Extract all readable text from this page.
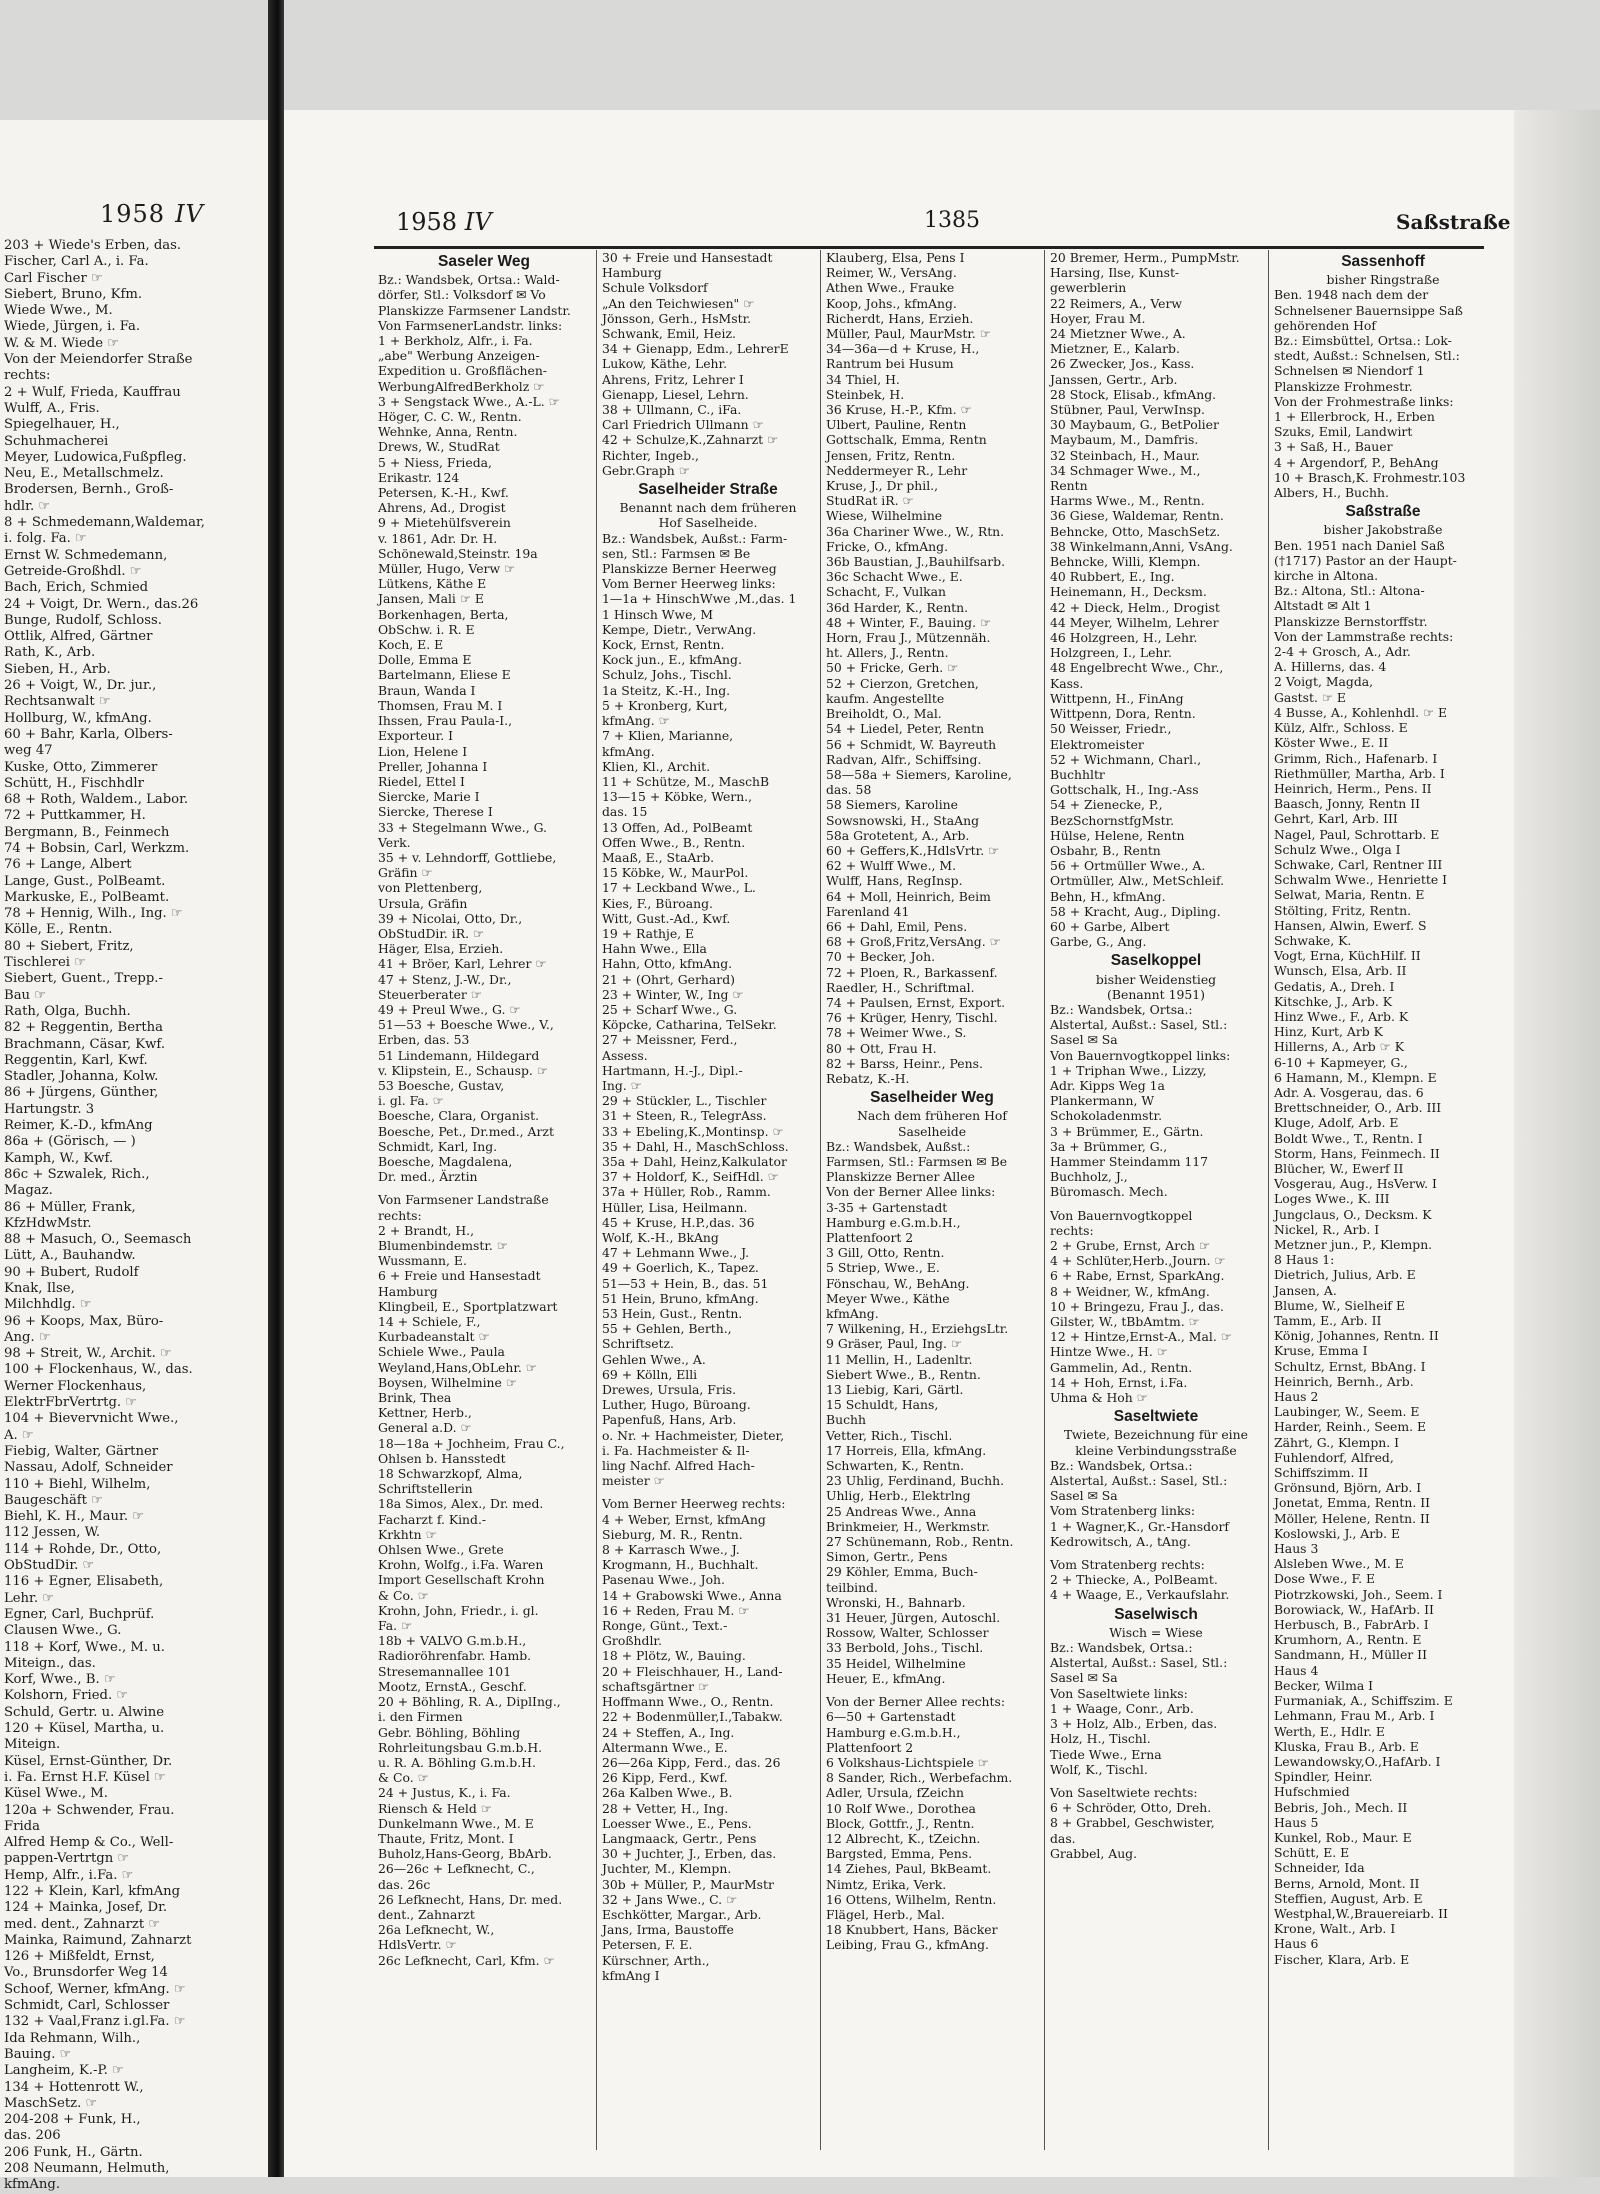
1958 IV
203 + Wiede's Erben, das.
Fischer, Carl A., i. Fa.
Carl Fischer ☞
Siebert, Bruno, Kfm.
Wiede Wwe., M.
Wiede, Jürgen, i. Fa.
W. & M. Wiede ☞
Von der Meiendorfer Straße
rechts:
2 + Wulf, Frieda, Kauffrau
Wulff, A., Fris.
Spiegelhauer, H.,
Schuhmacherei
Meyer, Ludowica,Fußpfleg.
Neu, E., Metallschmelz.
Brodersen, Bernh., Groß-
hdlr. ☞
8 + Schmedemann,Waldemar,
i. folg. Fa. ☞
Ernst W. Schmedemann,
Getreide-Großhdl. ☞
Bach, Erich, Schmied
24 + Voigt, Dr. Wern., das.26
Bunge, Rudolf, Schloss.
Ottlik, Alfred, Gärtner
Rath, K., Arb.
Sieben, H., Arb.
26 + Voigt, W., Dr. jur.,
Rechtsanwalt ☞
Hollburg, W., kfmAng.
60 + Bahr, Karla, Olbers-
weg 47
Kuske, Otto, Zimmerer
Schütt, H., Fischhdlr
68 + Roth, Waldem., Labor.
72 + Puttkammer, H.
Bergmann, B., Feinmech
74 + Bobsin, Carl, Werkzm.
76 + Lange, Albert
Lange, Gust., PolBeamt.
Markuske, E., PolBeamt.
78 + Hennig, Wilh., Ing. ☞
Kölle, E., Rentn.
80 + Siebert, Fritz,
Tischlerei ☞
Siebert, Guent., Trepp.-
Bau ☞
Rath, Olga, Buchh.
82 + Reggentin, Bertha
Brachmann, Cäsar, Kwf.
Reggentin, Karl, Kwf.
Stadler, Johanna, Kolw.
86 + Jürgens, Günther,
Hartungstr. 3
Reimer, K.-D., kfmAng
86a + (Görisch, — )
Kamph, W., Kwf.
86c + Szwalek, Rich.,
Magaz.
86 + Müller, Frank,
KfzHdwMstr.
88 + Masuch, O., Seemasch
Lütt, A., Bauhandw.
90 + Bubert, Rudolf
Knak, Ilse,
Milchhdlg. ☞
96 + Koops, Max, Büro-
Ang. ☞
98 + Streit, W., Archit. ☞
100 + Flockenhaus, W., das.
Werner Flockenhaus,
ElektrFbrVertrtg. ☞
104 + Bievervnicht Wwe.,
A. ☞
Fiebig, Walter, Gärtner
Nassau, Adolf, Schneider
110 + Biehl, Wilhelm,
Baugeschäft ☞
Biehl, K. H., Maur. ☞
112 Jessen, W.
114 + Rohde, Dr., Otto,
ObStudDir. ☞
116 + Egner, Elisabeth,
Lehr. ☞
Egner, Carl, Buchprüf.
Clausen Wwe., G.
118 + Korf, Wwe., M. u.
Miteign., das.
Korf, Wwe., B. ☞
Kolshorn, Fried. ☞
Schuld, Gertr. u. Alwine
120 + Küsel, Martha, u.
Miteign.
Küsel, Ernst-Günther, Dr.
i. Fa. Ernst H.F. Küsel ☞
Küsel Wwe., M.
120a + Schwender, Frau.
Frida
Alfred Hemp & Co., Well-
pappen-Vertrtgn ☞
Hemp, Alfr., i.Fa. ☞
122 + Klein, Karl, kfmAng
124 + Mainka, Josef, Dr.
med. dent., Zahnarzt ☞
Mainka, Raimund, Zahnarzt
126 + Mißfeldt, Ernst,
Vo., Brunsdorfer Weg 14
Schoof, Werner, kfmAng. ☞
Schmidt, Carl, Schlosser
132 + Vaal,Franz i.gl.Fa. ☞
Ida Rehmann, Wilh.,
Bauing. ☞
Langheim, K.-P. ☞
134 + Hottenrott W.,
MaschSetz. ☞
204-208 + Funk, H.,
das. 206
206 Funk, H., Gärtn.
208 Neumann, Helmuth,
kfmAng.
1958 IV	1385	Saßstraße
Saseler Weg
Bz.: Wandsbek, Ortsa.: Wald-
dörfer, Stl.: Volksdorf ✉ Vo
Planskizze Farmsener Landstr.
Von FarmsenerLandstr. links:
1 + Berkholz, Alfr., i. Fa.
„abe" Werbung Anzeigen-
Expedition u. Großflächen-
WerbungAlfredBerkholz ☞
3 + Sengstack Wwe., A.-L. ☞
Höger, C. C. W., Rentn.
Wehnke, Anna, Rentn.
Drews, W., StudRat
5 + Niess, Frieda,
Erikastr. 124
Petersen, K.-H., Kwf.
Ahrens, Ad., Drogist
9 + Mietehülfsverein
v. 1861, Adr. Dr. H.
Schönewald,Steinstr. 19a
Müller, Hugo, Verw ☞
Lütkens, Käthe E
Jansen, Mali ☞ E
Borkenhagen, Berta,
ObSchw. i. R. E
Koch, E. E
Dolle, Emma E
Bartelmann, Eliese E
Braun, Wanda I
Thomsen, Frau M. I
Ihssen, Frau Paula-I.,
Exporteur. I
Lion, Helene I
Preller, Johanna I
Riedel, Ettel I
Siercke, Marie I
Siercke, Therese I
33 + Stegelmann Wwe., G.
Verk.
35 + v. Lehndorff, Gottliebe,
Gräfin ☞
von Plettenberg,
Ursula, Gräfin
39 + Nicolai, Otto, Dr.,
ObStudDir. iR. ☞
Häger, Elsa, Erzieh.
41 + Bröer, Karl, Lehrer ☞
47 + Stenz, J.-W., Dr.,
Steuerberater ☞
49 + Preul Wwe., G. ☞
51—53 + Boesche Wwe., V.,
Erben, das. 53
51 Lindemann, Hildegard
v. Klipstein, E., Schausp. ☞
53 Boesche, Gustav,
i. gl. Fa. ☞
Boesche, Clara, Organist.
Boesche, Pet., Dr.med., Arzt
Schmidt, Karl, Ing.
Boesche, Magdalena,
Dr. med., Ärztin
Von Farmsener Landstraße
rechts:
2 + Brandt, H.,
Blumenbindemstr. ☞
Wussmann, E.
6 + Freie und Hansestadt
Hamburg
Klingbeil, E., Sportplatzwart
14 + Schiele, F.,
Kurbadeanstalt ☞
Schiele Wwe., Paula
Weyland,Hans,ObLehr. ☞
Boysen, Wilhelmine ☞
Brink, Thea
Kettner, Herb.,
General a.D. ☞
18—18a + Jochheim, Frau C.,
Ohlsen b. Hansstedt
18 Schwarzkopf, Alma,
Schriftstellerin
18a Simos, Alex., Dr. med.
Facharzt f. Kind.-
Krkhtn ☞
Ohlsen Wwe., Grete
Krohn, Wolfg., i.Fa. Waren
Import Gesellschaft Krohn
& Co. ☞
Krohn, John, Friedr., i. gl.
Fa. ☞
18b + VALVO G.m.b.H.,
Radioröhrenfabr. Hamb.
Stresemannallee 101
Mootz, ErnstA., Geschf.
20 + Böhling, R. A., DiplIng.,
i. den Firmen
Gebr. Böhling, Böhling
Rohrleitungsbau G.m.b.H.
u. R. A. Böhling G.m.b.H.
& Co. ☞
24 + Justus, K., i. Fa.
Riensch & Held ☞
Dunkelmann Wwe., M. E
Thaute, Fritz, Mont. I
Buholz,Hans-Georg, BbArb.
26—26c + Lefknecht, C.,
das. 26c
26 Lefknecht, Hans, Dr. med.
dent., Zahnarzt
26a Lefknecht, W.,
HdlsVertr. ☞
26c Lefknecht, Carl, Kfm. ☞
30 + Freie und Hansestadt
Hamburg
Schule Volksdorf
„An den Teichwiesen" ☞
Jönsson, Gerh., HsMstr.
Schwank, Emil, Heiz.
34 + Gienapp, Edm., LehrerE
Lukow, Käthe, Lehr.
Ahrens, Fritz, Lehrer I
Gienapp, Liesel, Lehrn.
38 + Ullmann, C., iFa.
Carl Friedrich Ullmann ☞
42 + Schulze,K.,Zahnarzt ☞
Richter, Ingeb.,
Gebr.Graph ☞
Saselheider Straße
Benannt nach dem früheren
Hof Saselheide.
Bz.: Wandsbek, Außst.: Farm-
sen, Stl.: Farmsen ✉ Be
Planskizze Berner Heerweg
Vom Berner Heerweg links:
1—1a + HinschWwe ,M.,das. 1
1 Hinsch Wwe, M
Kempe, Dietr., VerwAng.
Kock, Ernst, Rentn.
Kock jun., E., kfmAng.
Schulz, Johs., Tischl.
1a Steitz, K.-H., Ing.
5 + Kronberg, Kurt,
kfmAng. ☞
7 + Klien, Marianne,
kfmAng.
Klien, Kl., Archit.
11 + Schütze, M., MaschB
13—15 + Köbke, Wern.,
das. 15
13 Offen, Ad., PolBeamt
Offen Wwe., B., Rentn.
Maaß, E., StaArb.
15 Köbke, W., MaurPol.
17 + Leckband Wwe., L.
Kies, F., Büroang.
Witt, Gust.-Ad., Kwf.
19 + Rathje, E
Hahn Wwe., Ella
Hahn, Otto, kfmAng.
21 + (Ohrt, Gerhard)
23 + Winter, W., Ing ☞
25 + Scharf Wwe., G.
Köpcke, Catharina, TelSekr.
27 + Meissner, Ferd.,
Assess.
Hartmann, H.-J., Dipl.-
Ing. ☞
29 + Stückler, L., Tischler
31 + Steen, R., TelegrAss.
33 + Ebeling,K.,Montinsp. ☞
35 + Dahl, H., MaschSchloss.
35a + Dahl, Heinz,Kalkulator
37 + Holdorf, K., SeifHdl. ☞
37a + Hüller, Rob., Ramm.
Hüller, Lisa, Heilmann.
45 + Kruse, H.P.,das. 36
Wolf, K.-H., BkAng
47 + Lehmann Wwe., J.
49 + Goerlich, K., Tapez.
51—53 + Hein, B., das. 51
51 Hein, Bruno, kfmAng.
53 Hein, Gust., Rentn.
55 + Gehlen, Berth.,
Schriftsetz.
Gehlen Wwe., A.
69 + Kölln, Elli
Drewes, Ursula, Fris.
Luther, Hugo, Büroang.
Papenfuß, Hans, Arb.
o. Nr. + Hachmeister, Dieter,
i. Fa. Hachmeister & Il-
ling Nachf. Alfred Hach-
meister ☞
Vom Berner Heerweg rechts:
4 + Weber, Ernst, kfmAng
Sieburg, M. R., Rentn.
8 + Karrasch Wwe., J.
Krogmann, H., Buchhalt.
Pasenau Wwe., Joh.
14 + Grabowski Wwe., Anna
16 + Reden, Frau M. ☞
Ronge, Günt., Text.-
Großhdlr.
18 + Plötz, W., Bauing.
20 + Fleischhauer, H., Land-
schaftsgärtner ☞
Hoffmann Wwe., O., Rentn.
22 + Bodenmüller,I.,Tabakw.
24 + Steffen, A., Ing.
Altermann Wwe., E.
26—26a Kipp, Ferd., das. 26
26 Kipp, Ferd., Kwf.
26a Kalben Wwe., B.
28 + Vetter, H., Ing.
Loesser Wwe., E., Pens.
Langmaack, Gertr., Pens
30 + Juchter, J., Erben, das.
Juchter, M., Klempn.
30b + Müller, P., MaurMstr
32 + Jans Wwe., C. ☞
Eschkötter, Margar., Arb.
Jans, Irma, Baustoffe
Petersen, F. E.
Kürschner, Arth.,
kfmAng I
Klauberg, Elsa, Pens I
Reimer, W., VersAng.
Athen Wwe., Frauke
Koop, Johs., kfmAng.
Richerdt, Hans, Erzieh.
Müller, Paul, MaurMstr. ☞
34—36a—d + Kruse, H.,
Rantrum bei Husum
34 Thiel, H.
Steinbek, H.
36 Kruse, H.-P., Kfm. ☞
Ulbert, Pauline, Rentn
Gottschalk, Emma, Rentn
Jensen, Fritz, Rentn.
Neddermeyer R., Lehr
Kruse, J., Dr phil.,
StudRat iR. ☞
Wiese, Wilhelmine
36a Chariner Wwe., W., Rtn.
Fricke, O., kfmAng.
36b Baustian, J.,Bauhilfsarb.
36c Schacht Wwe., E.
Schacht, F., Vulkan
36d Harder, K., Rentn.
48 + Winter, F., Bauing. ☞
Horn, Frau J., Mützennäh.
ht. Allers, J., Rentn.
50 + Fricke, Gerh. ☞
52 + Cierzon, Gretchen,
kaufm. Angestellte
Breiholdt, O., Mal.
54 + Liedel, Peter, Rentn
56 + Schmidt, W. Bayreuth
Radvan, Alfr., Schiffsing.
58—58a + Siemers, Karoline,
das. 58
58 Siemers, Karoline
Sowsnowski, H., StaAng
58a Grotetent, A., Arb.
60 + Geffers,K.,HdlsVrtr. ☞
62 + Wulff Wwe., M.
Wulff, Hans, RegInsp.
64 + Moll, Heinrich, Beim
Farenland 41
66 + Dahl, Emil, Pens.
68 + Groß,Fritz,VersAng. ☞
70 + Becker, Joh.
72 + Ploen, R., Barkassenf.
Raedler, H., Schriftmal.
74 + Paulsen, Ernst, Export.
76 + Krüger, Henry, Tischl.
78 + Weimer Wwe., S.
80 + Ott, Frau H.
82 + Barss, Heinr., Pens.
Rebatz, K.-H.
Saselheider Weg
Nach dem früheren Hof
Saselheide
Bz.: Wandsbek, Außst.:
Farmsen, Stl.: Farmsen ✉ Be
Planskizze Berner Allee
Von der Berner Allee links:
3-35 + Gartenstadt
Hamburg e.G.m.b.H.,
Plattenfoort 2
3 Gill, Otto, Rentn.
5 Striep, Wwe., E.
Fönschau, W., BehAng.
Meyer Wwe., Käthe
kfmAng.
7 Wilkening, H., ErziehgsLtr.
9 Gräser, Paul, Ing. ☞
11 Mellin, H., Ladenltr.
Siebert Wwe., B., Rentn.
13 Liebig, Kari, Gärtl.
15 Schuldt, Hans,
Buchh
Vetter, Rich., Tischl.
17 Horreis, Ella, kfmAng.
Schwarten, K., Rentn.
23 Uhlig, Ferdinand, Buchh.
Uhlig, Herb., Elektrlng
25 Andreas Wwe., Anna
Brinkmeier, H., Werkmstr.
27 Schünemann, Rob., Rentn.
Simon, Gertr., Pens
29 Köhler, Emma, Buch-
teilbind.
Wronski, H., Bahnarb.
31 Heuer, Jürgen, Autoschl.
Rossow, Walter, Schlosser
33 Berbold, Johs., Tischl.
35 Heidel, Wilhelmine
Heuer, E., kfmAng.
Von der Berner Allee rechts:
6—50 + Gartenstadt
Hamburg e.G.m.b.H.,
Plattenfoort 2
6 Volkshaus-Lichtspiele ☞
8 Sander, Rich., Werbefachm.
Adler, Ursula, fZeichn
10 Rolf Wwe., Dorothea
Block, Gottfr., J., Rentn.
12 Albrecht, K., tZeichn.
Bargsted, Emma, Pens.
14 Ziehes, Paul, BkBeamt.
Nimtz, Erika, Verk.
16 Ottens, Wilhelm, Rentn.
Flägel, Herb., Mal.
18 Knubbert, Hans, Bäcker
Leibing, Frau G., kfmAng.
20 Bremer, Herm., PumpMstr.
Harsing, Ilse, Kunst-
gewerblerin
22 Reimers, A., Verw
Hoyer, Frau M.
24 Mietzner Wwe., A.
Mietzner, E., Kalarb.
26 Zwecker, Jos., Kass.
Janssen, Gertr., Arb.
28 Stock, Elisab., kfmAng.
Stübner, Paul, VerwInsp.
30 Maybaum, G., BetPolier
Maybaum, M., Damfris.
32 Steinbach, H., Maur.
34 Schmager Wwe., M.,
Rentn
Harms Wwe., M., Rentn.
36 Giese, Waldemar, Rentn.
Behncke, Otto, MaschSetz.
38 Winkelmann,Anni, VsAng.
Behncke, Willi, Klempn.
40 Rubbert, E., Ing.
Heinemann, H., Decksm.
42 + Dieck, Helm., Drogist
44 Meyer, Wilhelm, Lehrer
46 Holzgreen, H., Lehr.
Holzgreen, I., Lehr.
48 Engelbrecht Wwe., Chr.,
Kass.
Wittpenn, H., FinAng
Wittpenn, Dora, Rentn.
50 Weisser, Friedr.,
Elektromeister
52 + Wichmann, Charl.,
Buchhltr
Gottschalk, H., Ing.-Ass
54 + Zienecke, P.,
BezSchornstfgMstr.
Hülse, Helene, Rentn
Osbahr, B., Rentn
56 + Ortmüller Wwe., A.
Ortmüller, Alw., MetSchleif.
Behn, H., kfmAng.
58 + Kracht, Aug., Dipling.
60 + Garbe, Albert
Garbe, G., Ang.
Saselkoppel
bisher Weidenstieg
(Benannt 1951)
Bz.: Wandsbek, Ortsa.:
Alstertal, Außst.: Sasel, Stl.:
Sasel ✉ Sa
Von Bauernvogtkoppel links:
1 + Triphan Wwe., Lizzy,
Adr. Kipps Weg 1a
Plankermann, W
Schokoladenmstr.
3 + Brümmer, E., Gärtn.
3a + Brümmer, G.,
Hammer Steindamm 117
Buchholz, J.,
Büromasch. Mech.
Von Bauernvogtkoppel
rechts:
2 + Grube, Ernst, Arch ☞
4 + Schlüter,Herb.,Journ. ☞
6 + Rabe, Ernst, SparkAng.
8 + Weidner, W., kfmAng.
10 + Bringezu, Frau J., das.
Gilster, W., tBbAmtm. ☞
12 + Hintze,Ernst-A., Mal. ☞
Hintze Wwe., H. ☞
Gammelin, Ad., Rentn.
14 + Hoh, Ernst, i.Fa.
Uhma & Hoh ☞
Saseltwiete
Twiete, Bezeichnung für eine
kleine Verbindungsstraße
Bz.: Wandsbek, Ortsa.:
Alstertal, Außst.: Sasel, Stl.:
Sasel ✉ Sa
Vom Stratenberg links:
1 + Wagner,K., Gr.-Hansdorf
Kedrowitsch, A., tAng.
Vom Stratenberg rechts:
2 + Thiecke, A., PolBeamt.
4 + Waage, E., Verkaufslahr.
Saselwisch
Wisch = Wiese
Bz.: Wandsbek, Ortsa.:
Alstertal, Außst.: Sasel, Stl.:
Sasel ✉ Sa
Von Saseltwiete links:
1 + Waage, Conr., Arb.
3 + Holz, Alb., Erben, das.
Holz, H., Tischl.
Tiede Wwe., Erna
Wolf, K., Tischl.
Von Saseltwiete rechts:
6 + Schröder, Otto, Dreh.
8 + Grabbel, Geschwister,
das.
Grabbel, Aug.
Sassenhoff
bisher Ringstraße
Ben. 1948 nach dem der
Schnelsener Bauernsippe Saß
gehörenden Hof
Bz.: Eimsbüttel, Ortsa.: Lok-
stedt, Außst.: Schnelsen, Stl.:
Schnelsen ✉ Niendorf 1
Planskizze Frohmestr.
Von der Frohmestraße links:
1 + Ellerbrock, H., Erben
Szuks, Emil, Landwirt
3 + Saß, H., Bauer
4 + Argendorf, P., BehAng
10 + Brasch,K. Frohmestr.103
Albers, H., Buchh.
Saßstraße
bisher Jakobstraße
Ben. 1951 nach Daniel Saß
(†1717) Pastor an der Haupt-
kirche in Altona.
Bz.: Altona, Stl.: Altona-
Altstadt ✉ Alt 1
Planskizze Bernstorffstr.
Von der Lammstraße rechts:
2-4 + Grosch, A., Adr.
A. Hillerns, das. 4
2 Voigt, Magda,
Gastst. ☞ E
4 Busse, A., Kohlenhdl. ☞ E
Külz, Alfr., Schloss. E
Köster Wwe., E. II
Grimm, Rich., Hafenarb. I
Riethmüller, Martha, Arb. I
Heinrich, Herm., Pens. II
Baasch, Jonny, Rentn II
Gehrt, Karl, Arb. III
Nagel, Paul, Schrottarb. E
Schulz Wwe., Olga I
Schwake, Carl, Rentner III
Schwalm Wwe., Henriette I
Selwat, Maria, Rentn. E
Stölting, Fritz, Rentn.
Hansen, Alwin, Ewerf. S
Schwake, K.
Vogt, Erna, KüchHilf. II
Wunsch, Elsa, Arb. II
Gedatis, A., Dreh. I
Kitschke, J., Arb. K
Hinz Wwe., F., Arb. K
Hinz, Kurt, Arb K
Hillerns, A., Arb ☞ K
6-10 + Kapmeyer, G.,
6 Hamann, M., Klempn. E
Adr. A. Vosgerau, das. 6
Brettschneider, O., Arb. III
Kluge, Adolf, Arb. E
Boldt Wwe., T., Rentn. I
Storm, Hans, Feinmech. II
Blücher, W., Ewerf II
Vosgerau, Aug., HsVerw. I
Loges Wwe., K. III
Jungclaus, O., Decksm. K
Nickel, R., Arb. I
Metzner jun., P., Klempn.
8 Haus 1:
Dietrich, Julius, Arb. E
Jansen, A.
Blume, W., Sielheif E
Tamm, E., Arb. II
König, Johannes, Rentn. II
Kruse, Emma I
Schultz, Ernst, BbAng. I
Heinrich, Bernh., Arb.
Haus 2
Laubinger, W., Seem. E
Harder, Reinh., Seem. E
Zährt, G., Klempn. I
Fuhlendorf, Alfred,
Schiffszimm. II
Grönsund, Björn, Arb. I
Jonetat, Emma, Rentn. II
Möller, Helene, Rentn. II
Koslowski, J., Arb. E
Haus 3
Alsleben Wwe., M. E
Dose Wwe., F. E
Piotrzkowski, Joh., Seem. I
Borowiack, W., HafArb. II
Herbusch, B., FabrArb. I
Krumhorn, A., Rentn. E
Sandmann, H., Müller II
Haus 4
Becker, Wilma I
Furmaniak, A., Schiffszim. E
Lehmann, Frau M., Arb. I
Werth, E., Hdlr. E
Kluska, Frau B., Arb. E
Lewandowsky,O.,HafArb. I
Spindler, Heinr.
Hufschmied
Bebris, Joh., Mech. II
Haus 5
Kunkel, Rob., Maur. E
Schütt, E. E
Schneider, Ida
Berns, Arnold, Mont. II
Steffien, August, Arb. E
Westphal,W.,Brauereiarb. II
Krone, Walt., Arb. I
Haus 6
Fischer, Klara, Arb. E
